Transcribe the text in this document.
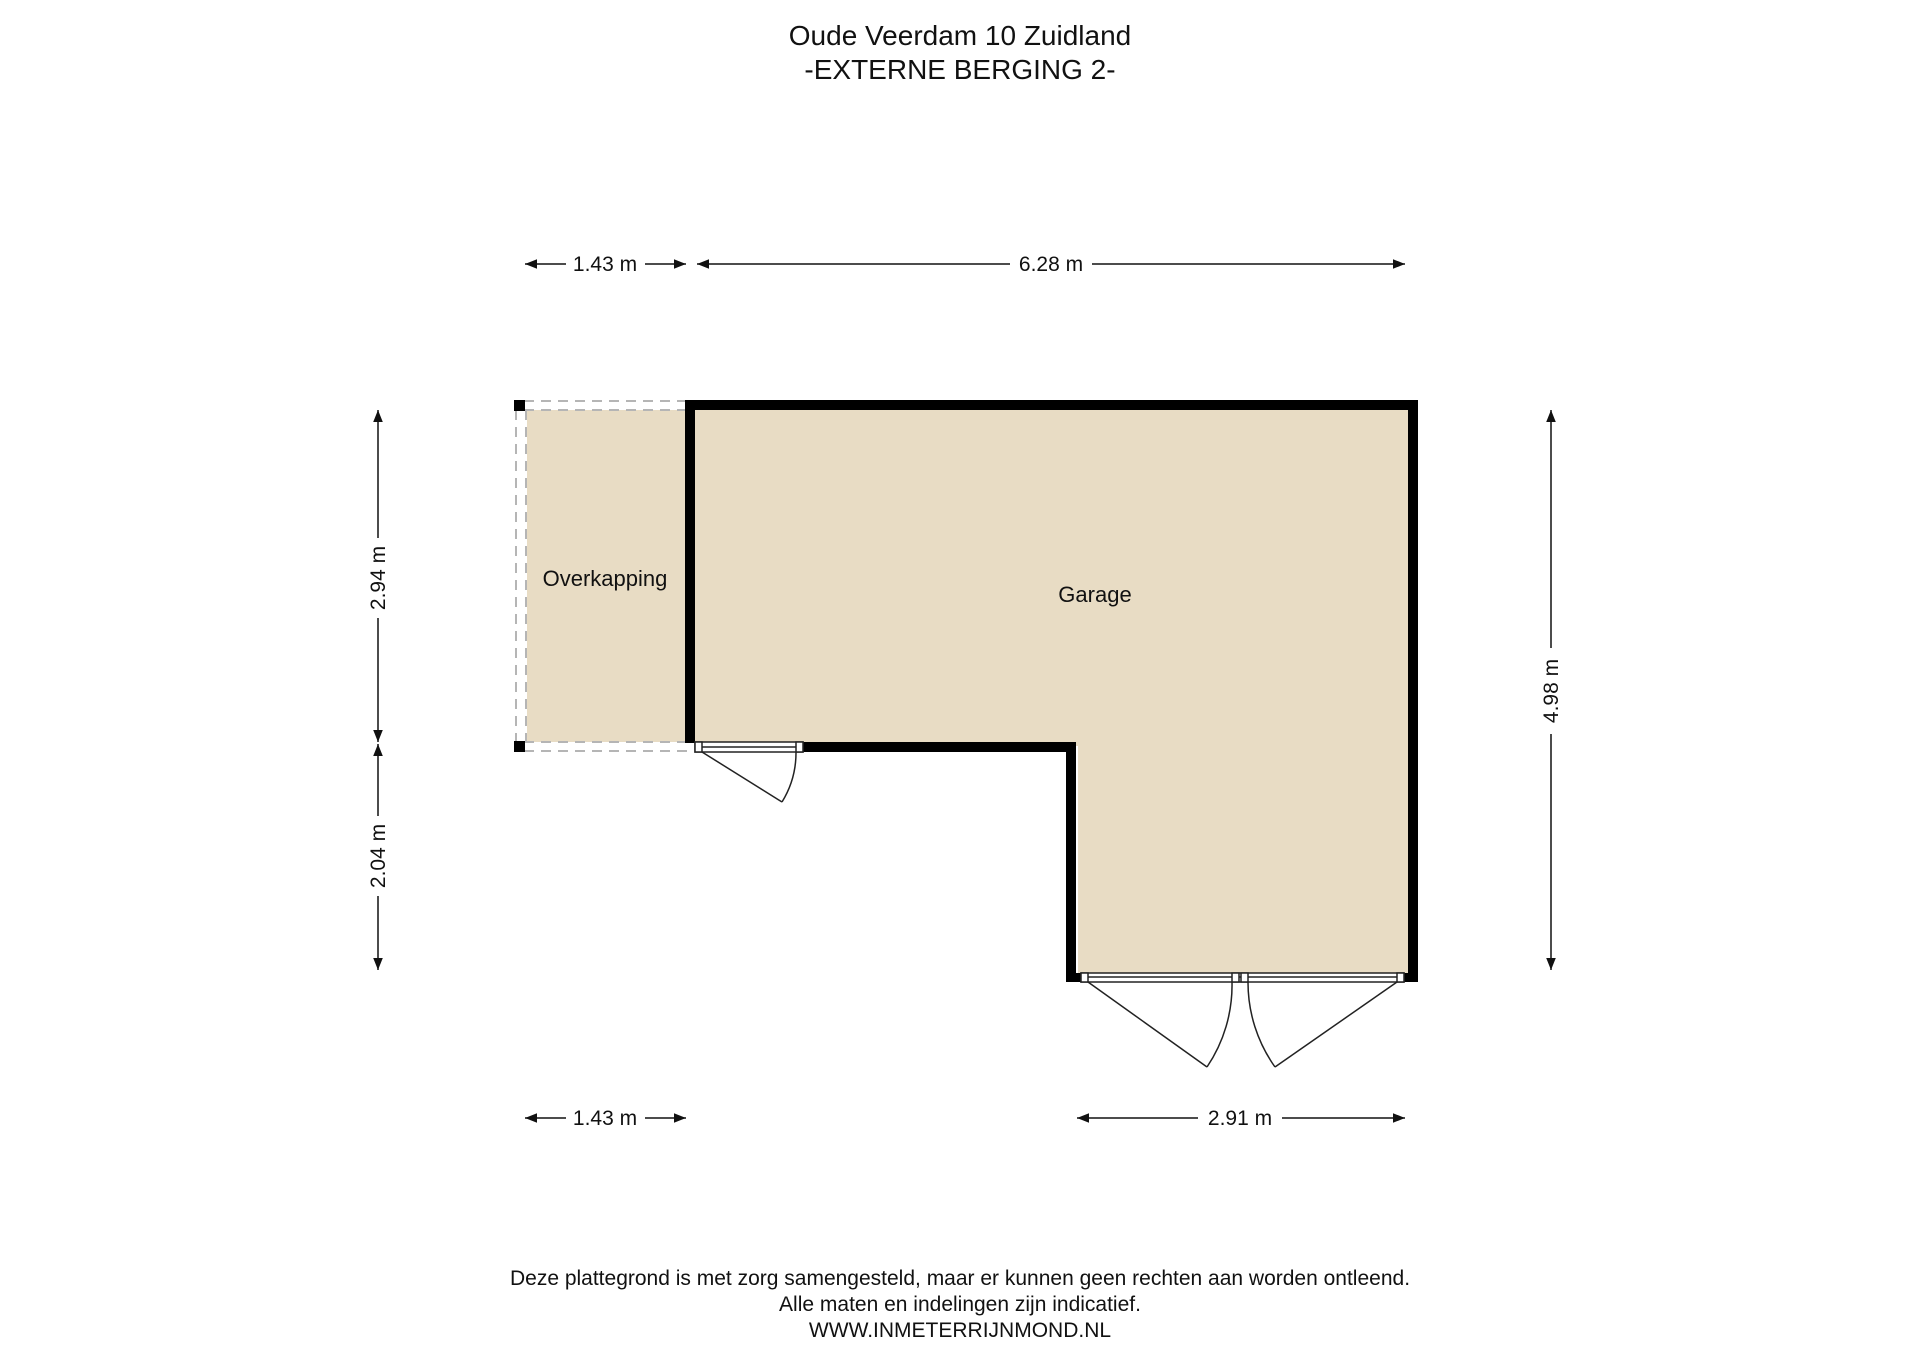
Oude Veerdam 10 Zuidland
-EXTERNE BERGING 2-
Overkapping
Garage
1.43 m	6.28 m
1.43 m	2.91 m
2.94 m
2.04 m
4.98 m
Deze plattegrond is met zorg samengesteld, maar er kunnen geen rechten aan worden ontleend.
Alle maten en indelingen zijn indicatief.
WWW.INMETERRIJNMOND.NL
